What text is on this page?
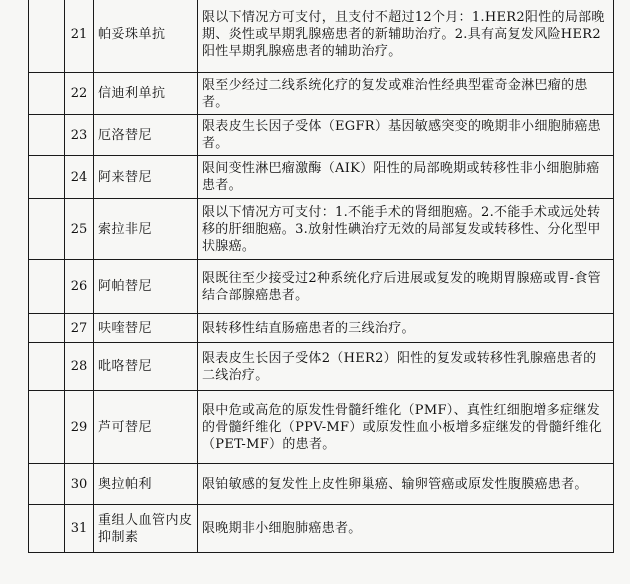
	21	帕妥珠单抗	限以下情况方可支付，且支付不超过12个月：1.HER2阳性的局部晚期、炎性或早期乳腺癌患者的新辅助治疗。2.具有高复发风险HER2阳性早期乳腺癌患者的辅助治疗。
	22	信迪利单抗	限至少经过二线系统化疗的复发或难治性经典型霍奇金淋巴瘤的患者。
	23	厄洛替尼	限表皮生长因子受体（EGFR）基因敏感突变的晚期非小细胞肺癌患者。
	24	阿来替尼	限间变性淋巴瘤激酶（AIK）阳性的局部晚期或转移性非小细胞肺癌患者。
	25	索拉非尼	限以下情况方可支付：1.不能手术的肾细胞癌。2.不能手术或远处转移的肝细胞癌。3.放射性碘治疗无效的局部复发或转移性、分化型甲状腺癌。
	26	阿帕替尼	限既往至少接受过2种系统化疗后进展或复发的晚期胃腺癌或胃-食管结合部腺癌患者。
	27	呋喹替尼	限转移性结直肠癌患者的三线治疗。
	28	吡咯替尼	限表皮生长因子受体2（HER2）阳性的复发或转移性乳腺癌患者的二线治疗。
	29	芦可替尼	限中危或高危的原发性骨髓纤维化（PMF）、真性红细胞增多症继发的骨髓纤维化（PPV-MF）或原发性血小板增多症继发的骨髓纤维化（PET-MF）的患者。
	30	奥拉帕利	限铂敏感的复发性上皮性卵巢癌、输卵管癌或原发性腹膜癌患者。
	31	重组人血管内皮抑制素	限晚期非小细胞肺癌患者。
